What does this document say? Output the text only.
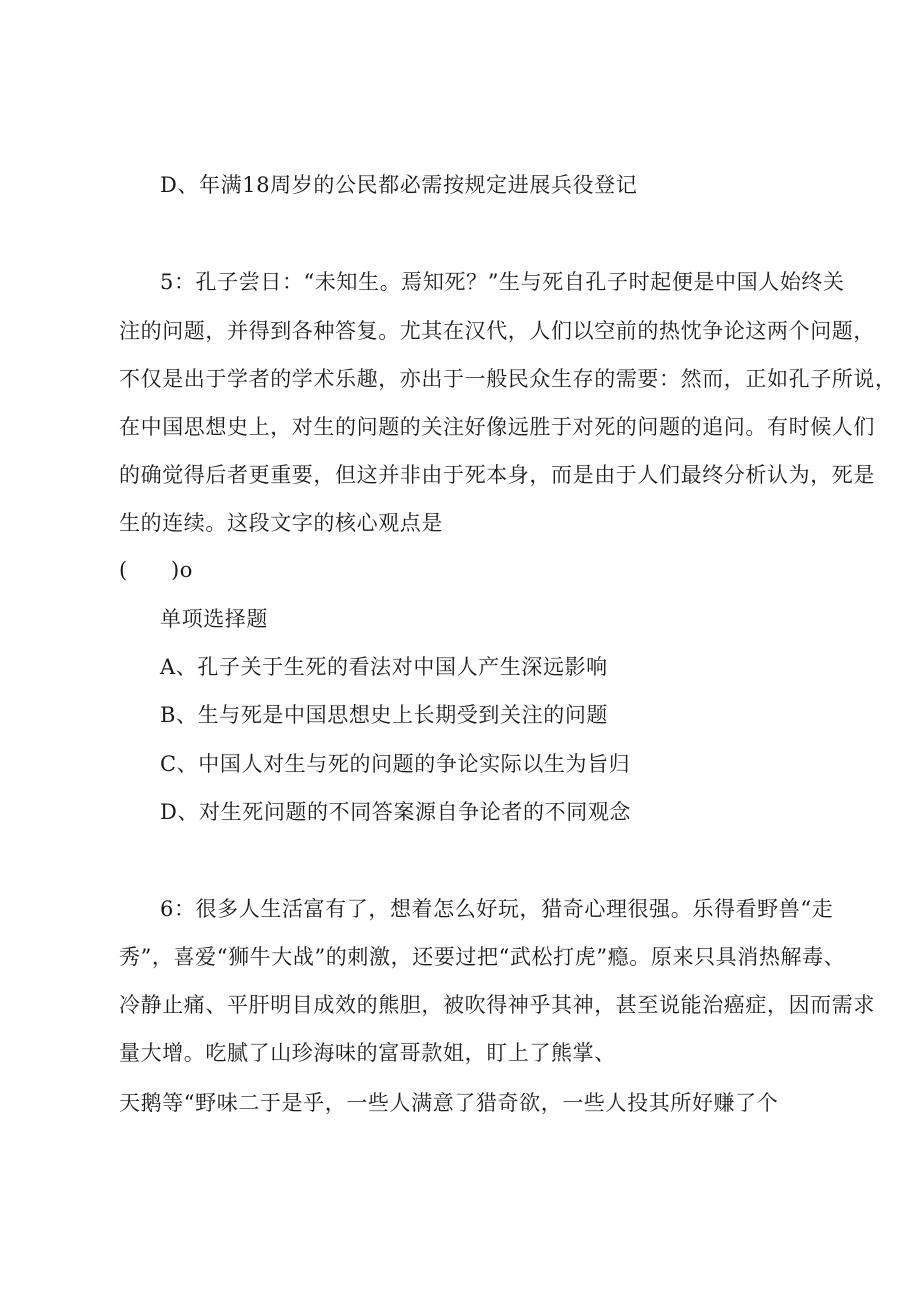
D、年满18周岁的公民都必需按规定进展兵役登记
5：孔子尝日：“未知生。焉知死？”生与死自孔子时起便是中国人始终关
注的问题，并得到各种答复。尤其在汉代，人们以空前的热忱争论这两个问题，
不仅是出于学者的学术乐趣，亦出于一般民众生存的需要：然而，正如孔子所说，
在中国思想史上，对生的问题的关注好像远胜于对死的问题的追问。有时候人们
的确觉得后者更重要，但这并非由于死本身，而是由于人们最终分析认为，死是
生的连续。这段文字的核心观点是
(　　)o
单项选择题
A、孔子关于生死的看法对中国人产生深远影响
B、生与死是中国思想史上长期受到关注的问题
C、中国人对生与死的问题的争论实际以生为旨归
D、对生死问题的不同答案源自争论者的不同观念
6：很多人生活富有了，想着怎么好玩，猎奇心理很强。乐得看野兽“走
秀”，喜爱“狮牛大战”的刺激，还要过把“武松打虎”瘾。原来只具消热解毒、
冷静止痛、平肝明目成效的熊胆，被吹得神乎其神，甚至说能治癌症，因而需求
量大增。吃腻了山珍海味的富哥款姐，盯上了熊掌、
天鹅等“野味二于是乎，一些人满意了猎奇欲，一些人投其所好赚了个
